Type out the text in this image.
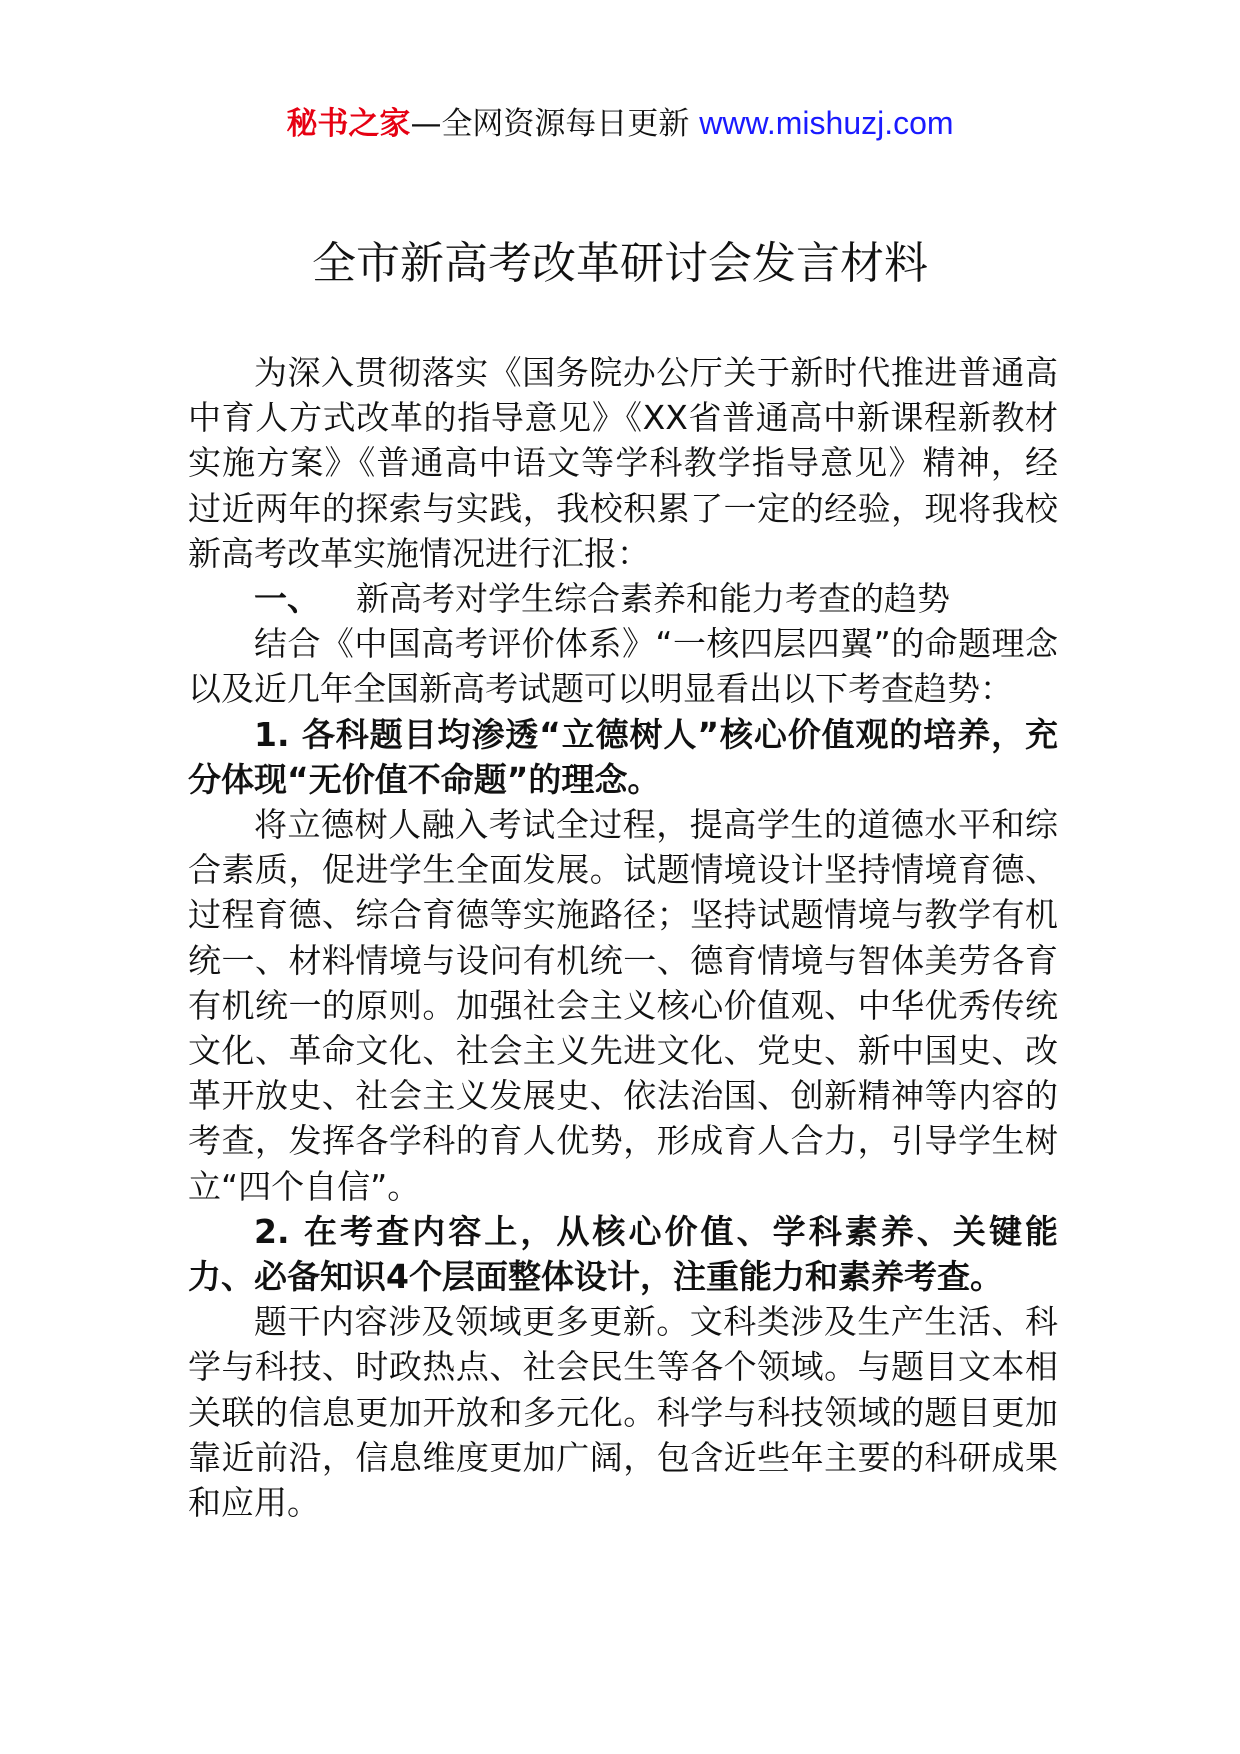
秘书之家—全网资源每日更新 www.mishuzj.com
全市新高考改革研讨会发言材料

为深入贯彻落实《国务院办公厅关于新时代推进普通高中育人方式改革的指导意见》《XX省普通高中新课程新教材实施方案》《普通高中语文等学科教学指导意见》精神，经过近两年的探索与实践，我校积累了一定的经验，现将我校新高考改革实施情况进行汇报：

一、 新高考对学生综合素养和能力考查的趋势

结合《中国高考评价体系》“一核四层四翼”的命题理念以及近几年全国新高考试题可以明显看出以下考查趋势：

1. 各科题目均渗透“立德树人”核心价值观的培养，充分体现“无价值不命题”的理念。

将立德树人融入考试全过程，提高学生的道德水平和综合素质，促进学生全面发展。试题情境设计坚持情境育德、过程育德、综合育德等实施路径；坚持试题情境与教学有机统一、材料情境与设问有机统一、德育情境与智体美劳各育有机统一的原则。加强社会主义核心价值观、中华优秀传统文化、革命文化、社会主义先进文化、党史、新中国史、改革开放史、社会主义发展史、依法治国、创新精神等内容的考查，发挥各学科的育人优势，形成育人合力，引导学生树立“四个自信”。

2. 在考查内容上，从核心价值、学科素养、关键能力、必备知识4个层面整体设计，注重能力和素养考查。

题干内容涉及领域更多更新。文科类涉及生产生活、科学与科技、时政热点、社会民生等各个领域。与题目文本相关联的信息更加开放和多元化。科学与科技领域的题目更加靠近前沿，信息维度更加广阔，包含近些年主要的科研成果和应用。
